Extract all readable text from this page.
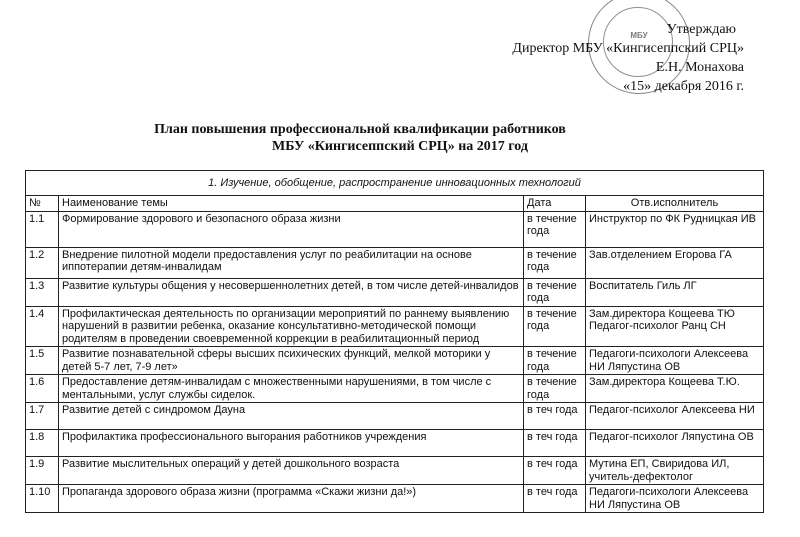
МБУ	Утверждаю
Директор МБУ «Кингисеппский СРЦ»
Е.Н. Монахова
«15» декабря 2016 г.
План повышения профессиональной квалификации работников
МБУ «Кингисеппский СРЦ» на 2017 год
1. Изучение, обобщение, распространение инновационных технологий			
№	Наименование темы	Дата	Отв.исполнитель
1.1	Формирование здорового и безопасного образа жизни	в течение года	Инструктор по ФК Рудницкая ИВ
1.2	Внедрение пилотной модели предоставления услуг по реабилитации на основе иппотерапии детям-инвалидам	в течение года	Зав.отделением Егорова ГА
1.3	Развитие культуры общения у несовершеннолетних детей, в том числе детей-инвалидов	в течение года	Воспитатель Гиль ЛГ
1.4	Профилактическая деятельность по организации мероприятий по раннему выявлению нарушений в развитии ребенка, оказание консультативно-методической помощи родителям в проведении своевременной коррекции в реабилитационный период	в течение года	Зам.директора Кощеева ТЮ Педагог-психолог Ранц СН
1.5	Развитие познавательной сферы высших психических функций, мелкой моторики у детей 5-7 лет, 7-9 лет»	в течение года	Педагоги-психологи Алексеева НИ Ляпустина ОВ
1.6	Предоставление детям-инвалидам с множественными нарушениями, в том числе с ментальными, услуг службы сиделок.	в течение года	Зам.директора Кощеева Т.Ю.
1.7	Развитие детей с синдромом Дауна	в теч года	Педагог-психолог Алексеева НИ
1.8	Профилактика профессионального выгорания работников учреждения	в теч года	Педагог-психолог Ляпустина ОВ
1.9	Развитие мыслительных операций у детей дошкольного возраста	в теч года	Мутина ЕП, Свиридова ИЛ, учитель-дефектолог
1.10	Пропаганда здорового образа жизни (программа «Скажи жизни да!»)	в теч года	Педагоги-психологи Алексеева НИ Ляпустина ОВ
